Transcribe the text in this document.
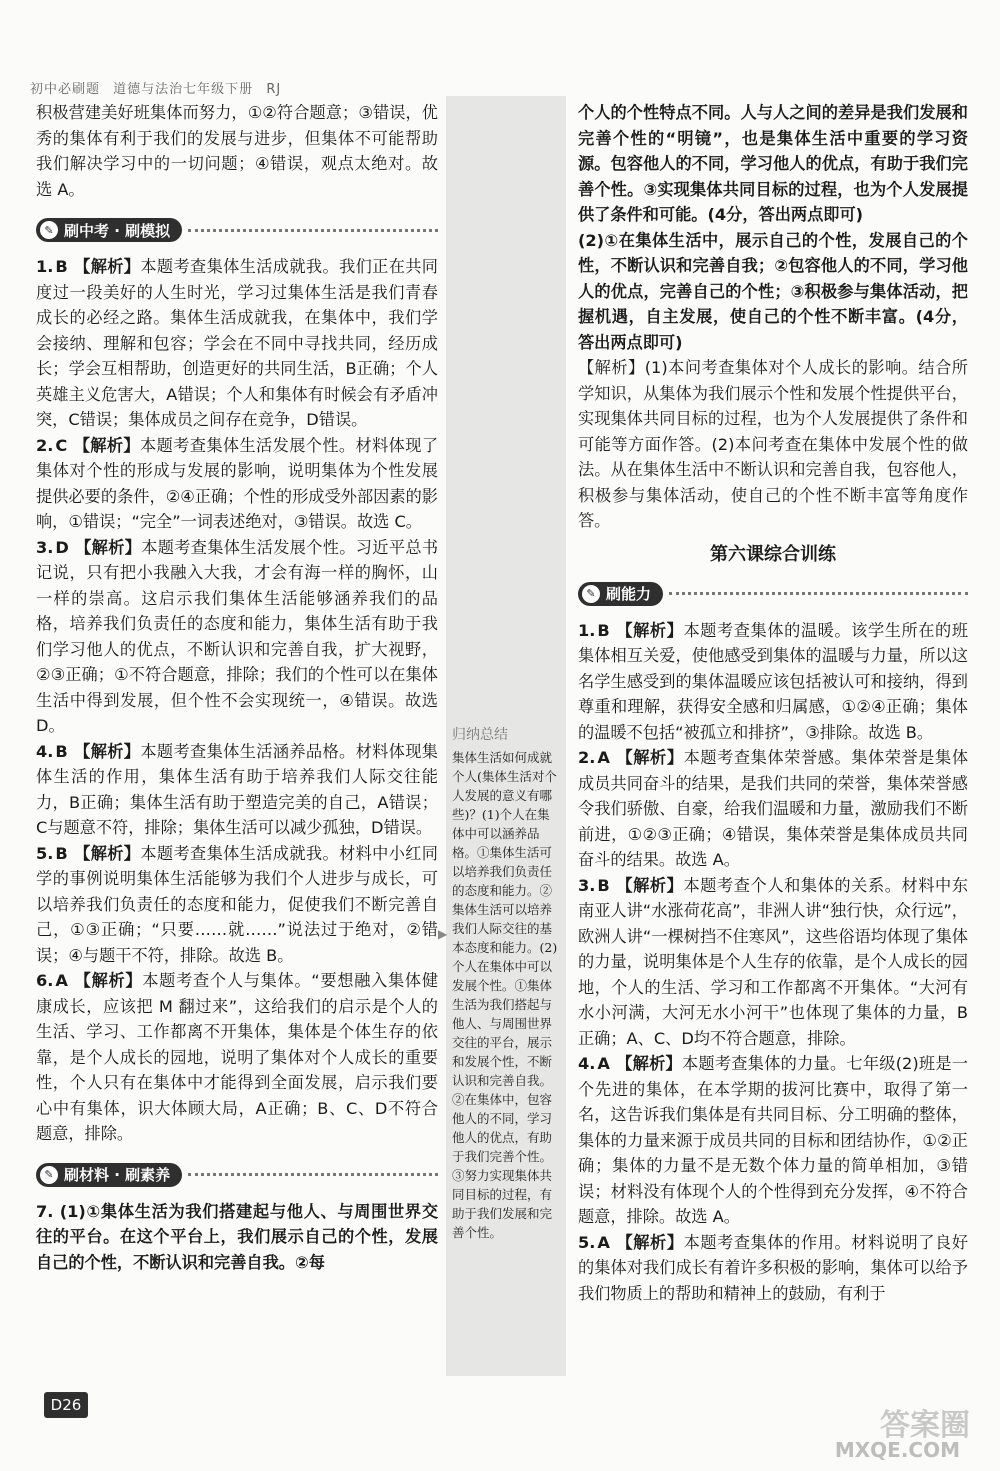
初中必刷题 道德与法治七年级下册 RJ

积极营建美好班集体而努力，①②符合题意；③错误，优秀的集体有利于我们的发展与进步，但集体不可能帮助我们解决学习中的一切问题；④错误，观点太绝对。故选 A。

✎ 刷中考 · 刷模拟

1. B 【解析】本题考查集体生活成就我。我们正在共同度过一段美好的人生时光，学习过集体生活是我们青春成长的必经之路。集体生活成就我，在集体中，我们学会接纳、理解和包容；学会在不同中寻找共同，经历成长；学会互相帮助，创造更好的共同生活，B正确；个人英雄主义危害大，A错误；个人和集体有时候会有矛盾冲突，C错误；集体成员之间存在竞争，D错误。

2. C 【解析】本题考查集体生活发展个性。材料体现了集体对个性的形成与发展的影响，说明集体为个性发展提供必要的条件，②④正确；个性的形成受外部因素的影响，①错误；“完全”一词表述绝对，③错误。故选 C。

3. D 【解析】本题考查集体生活发展个性。习近平总书记说，只有把小我融入大我，才会有海一样的胸怀，山一样的崇高。这启示我们集体生活能够涵养我们的品格，培养我们负责任的态度和能力，集体生活有助于我们学习他人的优点，不断认识和完善自我，扩大视野，②③正确；①不符合题意，排除；我们的个性可以在集体生活中得到发展，但个性不会实现统一，④错误。故选 D。

4. B 【解析】本题考查集体生活涵养品格。材料体现集体生活的作用，集体生活有助于培养我们人际交往能力，B正确；集体生活有助于塑造完美的自己，A错误；C与题意不符，排除；集体生活可以减少孤独，D错误。

5. B 【解析】本题考查集体生活成就我。材料中小红同学的事例说明集体生活能够为我们个人进步与成长，可以培养我们负责任的态度和能力，促使我们不断完善自己，①③正确；“只要……就……”说法过于绝对，②错误；④与题干不符，排除。故选 B。

6. A 【解析】本题考查个人与集体。“要想融入集体健康成长，应该把 M 翻过来”，这给我们的启示是个人的生活、学习、工作都离不开集体，集体是个体生存的依靠，是个人成长的园地，说明了集体对个人成长的重要性，个人只有在集体中才能得到全面发展，启示我们要心中有集体，识大体顾大局，A正确；B、C、D不符合题意，排除。

✎ 刷材料 · 刷素养

7. (1)①集体生活为我们搭建起与他人、与周围世界交往的平台。在这个平台上，我们展示自己的个性，发展自己的个性，不断认识和完善自我。②每

归纳总结
集体生活如何成就个人(集体生活对个人发展的意义有哪些)？(1)个人在集体中可以涵养品格。①集体生活可以培养我们负责任的态度和能力。②集体生活可以培养我们人际交往的基本态度和能力。(2)个人在集体中可以发展个性。①集体生活为我们搭起与他人、与周围世界交往的平台，展示和发展个性，不断认识和完善自我。②在集体中，包容他人的不同，学习他人的优点，有助于我们完善个性。③努力实现集体共同目标的过程，有助于我们发展和完善个性。
▶

个人的个性特点不同。人与人之间的差异是我们发展和完善个性的“明镜”，也是集体生活中重要的学习资源。包容他人的不同，学习他人的优点，有助于我们完善个性。③实现集体共同目标的过程，也为个人发展提供了条件和可能。(4分，答出两点即可)

(2)①在集体生活中，展示自己的个性，发展自己的个性，不断认识和完善自我；②包容他人的不同，学习他人的优点，完善自己的个性；③积极参与集体活动，把握机遇，自主发展，使自己的个性不断丰富。(4分，答出两点即可)

【解析】(1)本问考查集体对个人成长的影响。结合所学知识，从集体为我们展示个性和发展个性提供平台，实现集体共同目标的过程，也为个人发展提供了条件和可能等方面作答。(2)本问考查在集体中发展个性的做法。从在集体生活中不断认识和完善自我，包容他人，积极参与集体活动，使自己的个性不断丰富等角度作答。

第六课综合训练
✎ 刷能力

1. B 【解析】本题考查集体的温暖。该学生所在的班集体相互关爱，使他感受到集体的温暖与力量，所以这名学生感受到的集体温暖应该包括被认可和接纳，得到尊重和理解，获得安全感和归属感，①②④正确；集体的温暖不包括“被孤立和排挤”，③排除。故选 B。

2. A 【解析】本题考查集体荣誉感。集体荣誉是集体成员共同奋斗的结果，是我们共同的荣誉，集体荣誉感令我们骄傲、自豪，给我们温暖和力量，激励我们不断前进，①②③正确；④错误，集体荣誉是集体成员共同奋斗的结果。故选 A。

3. B 【解析】本题考查个人和集体的关系。材料中东南亚人讲“水涨荷花高”，非洲人讲“独行快，众行远”，欧洲人讲“一棵树挡不住寒风”，这些俗语均体现了集体的力量，说明集体是个人生存的依靠，是个人成长的园地，个人的生活、学习和工作都离不开集体。“大河有水小河满，大河无水小河干”也体现了集体的力量，B正确；A、C、D均不符合题意，排除。

4. A 【解析】本题考查集体的力量。七年级(2)班是一个先进的集体，在本学期的拔河比赛中，取得了第一名，这告诉我们集体是有共同目标、分工明确的整体，集体的力量来源于成员共同的目标和团结协作，①②正确；集体的力量不是无数个体力量的简单相加，③错误；材料没有体现个人的个性得到充分发挥，④不符合题意，排除。故选 A。

5. A 【解析】本题考查集体的作用。材料说明了良好的集体对我们成长有着许多积极的影响，集体可以给予我们物质上的帮助和精神上的鼓励，有利于

D26
答案圈
MXQE.COM
